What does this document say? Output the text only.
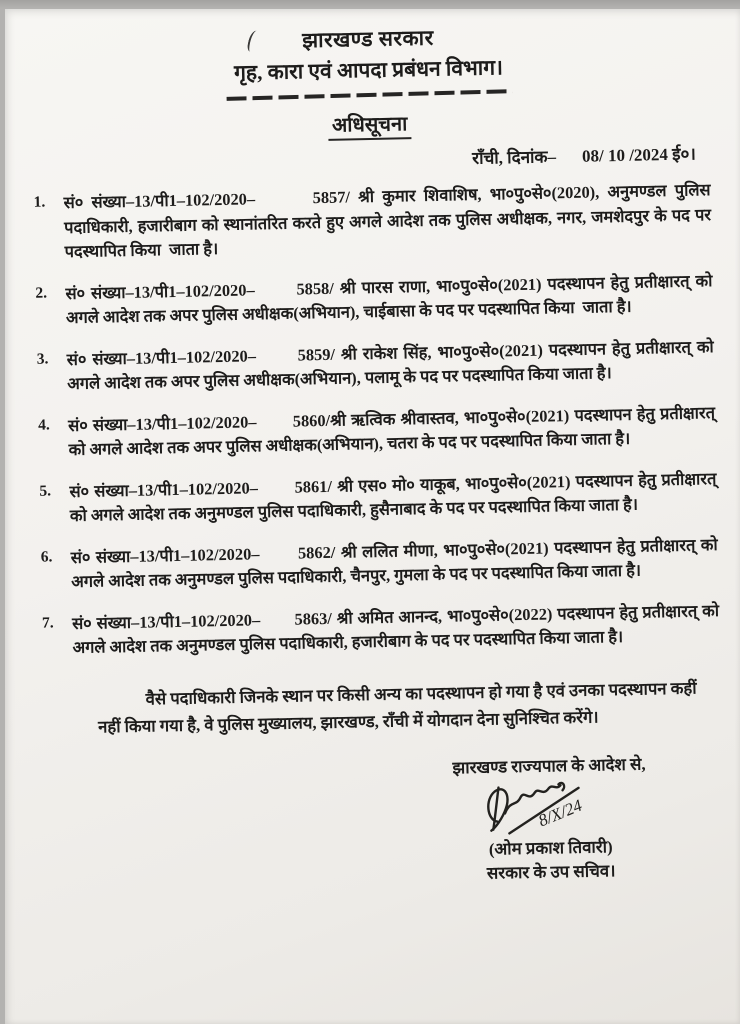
झारखण्ड सरकार
गृह, कारा एवं आपदा प्रबंधन विभाग।
अधिसूचना
राँची, दिनांक– 08/ 10 /2024 ई०।
1.	सं० संख्या–13/पी1–102/2020–       5857/ श्री कुमार शिवाशिष, भा०पु०से०(2020), अनुमण्डल पुलिस पदाधिकारी, हजारीबाग को स्थानांतरित करते हुए अगले आदेश तक पुलिस अधीक्षक, नगर, जमशेदपुर के पद पर पदस्थापित किया  जाता है।
2.	सं० संख्या–13/पी1–102/2020–       5858/ श्री पारस राणा, भा०पु०से०(2021) पदस्थापन हेतु प्रतीक्षारत् को अगले आदेश तक अपर पुलिस अधीक्षक(अभियान), चाईबासा के पद पर पदस्थापित किया  जाता है।
3.	सं० संख्या–13/पी1–102/2020–       5859/ श्री राकेश सिंह, भा०पु०से०(2021) पदस्थापन हेतु प्रतीक्षारत् को अगले आदेश तक अपर पुलिस अधीक्षक(अभियान), पलामू के पद पर पदस्थापित किया जाता है।
4.	सं० संख्या–13/पी1–102/2020–       5860/श्री ऋत्विक श्रीवास्तव, भा०पु०से०(2021) पदस्थापन हेतु प्रतीक्षारत् को अगले आदेश तक अपर पुलिस अधीक्षक(अभियान), चतरा के पद पर पदस्थापित किया जाता है।
5.	सं० संख्या–13/पी1–102/2020–       5861/ श्री एस० मो० याकूब, भा०पु०से०(2021) पदस्थापन हेतु प्रतीक्षारत् को अगले आदेश तक अनुमण्डल पुलिस पदाधिकारी, हुसैनाबाद के पद पर पदस्थापित किया जाता है।
6.	सं० संख्या–13/पी1–102/2020–       5862/ श्री ललित मीणा, भा०पु०से०(2021) पदस्थापन हेतु प्रतीक्षारत् को अगले आदेश तक अनुमण्डल पुलिस पदाधिकारी, चैनपुर, गुमला के पद पर पदस्थापित किया जाता है।
7.	सं० संख्या–13/पी1–102/2020–       5863/ श्री अमित आनन्द, भा०पु०से०(2022) पदस्थापन हेतु प्रतीक्षारत् को अगले आदेश तक अनुमण्डल पुलिस पदाधिकारी, हजारीबाग के पद पर पदस्थापित किया जाता है।
वैसे पदाधिकारी जिनके स्थान पर किसी अन्य का पदस्थापन हो गया है एवं उनका पदस्थापन कहीं नहीं किया गया है, वे पुलिस मुख्यालय, झारखण्ड, राँची में योगदान देना सुनिश्चित करेंगे।
झारखण्ड राज्यपाल के आदेश से,
8/X/24
(ओम प्रकाश तिवारी)
सरकार के उप सचिव।
